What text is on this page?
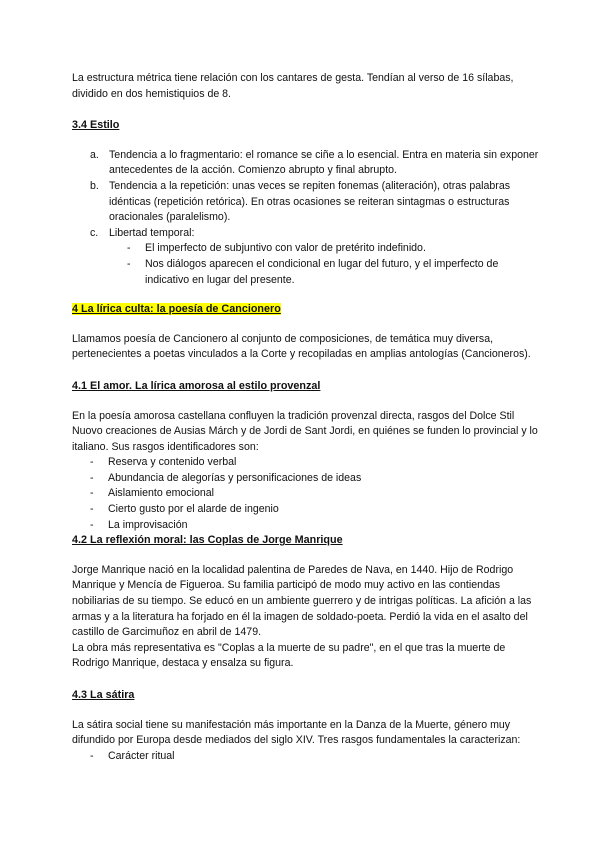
La estructura métrica tiene relación con los cantares de gesta. Tendían al verso de 16 sílabas, dividido en dos hemistiquios de 8.

3.4 Estilo
a. Tendencia a lo fragmentario: el romance se ciñe a lo esencial. Entra en materia sin exponer antecedentes de la acción. Comienzo abrupto y final abrupto.
b. Tendencia a la repetición: unas veces se repiten fonemas (aliteración), otras palabras idénticas (repetición retórica). En otras ocasiones se reiteran sintagmas o estructuras oracionales (paralelismo).
c. Libertad temporal:
- El imperfecto de subjuntivo con valor de pretérito indefinido.
- Nos diálogos aparecen el condicional en lugar del futuro, y el imperfecto de indicativo en lugar del presente.
4 La lírica culta: la poesía de Cancionero

Llamamos poesía de Cancionero al conjunto de composiciones, de temática muy diversa, pertenecientes a poetas vinculados a la Corte y recopiladas en amplias antologías (Cancioneros).

4.1 El amor. La lírica amorosa al estilo provenzal

En la poesía amorosa castellana confluyen la tradición provenzal directa, rasgos del Dolce Stil Nuovo creaciones de Ausias Márch y de Jordi de Sant Jordi, en quiénes se funden lo provincial y lo italiano. Sus rasgos identificadores son:

- Reserva y contenido verbal
- Abundancia de alegorías y personificaciones de ideas
- Aislamiento emocional
- Cierto gusto por el alarde de ingenio
- La improvisación
4.2 La reflexión moral: las Coplas de Jorge Manrique

Jorge Manrique nació en la localidad palentina de Paredes de Nava, en 1440. Hijo de Rodrigo Manrique y Mencía de Figueroa. Su familia participó de modo muy activo en las contiendas nobiliarias de su tiempo. Se educó en un ambiente guerrero y de intrigas políticas. La afición a las armas y a la literatura ha forjado en él la imagen de soldado-poeta. Perdió la vida en el asalto del castillo de Garcimuñoz en abril de 1479.

La obra más representativa es "Coplas a la muerte de su padre", en el que tras la muerte de Rodrigo Manrique, destaca y ensalza su figura.

4.3 La sátira

La sátira social tiene su manifestación más importante en la Danza de la Muerte, género muy difundido por Europa desde mediados del siglo XIV. Tres rasgos fundamentales la caracterizan:

- Carácter ritual
